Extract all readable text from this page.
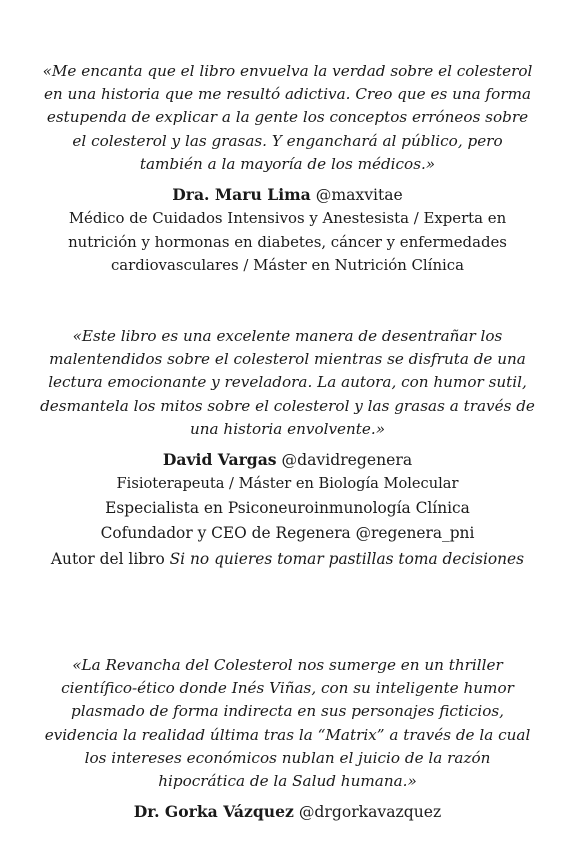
«Me encanta que el libro envuelva la verdad sobre el colesterol en una historia que me resultó adictiva. Creo que es una forma estupenda de explicar a la gente los conceptos erróneos sobre el colesterol y las grasas. Y enganchará al público, pero también a la mayoría de los médicos.»

Dra. Maru Lima @maxvitae

Médico de Cuidados Intensivos y Anestesista / Experta en nutrición y hormonas en diabetes, cáncer y enfermedades cardiovasculares / Máster en Nutrición Clínica

«Este libro es una excelente manera de desentrañar los malentendidos sobre el colesterol mientras se disfruta de una lectura emocionante y reveladora. La autora, con humor sutil, desmantela los mitos sobre el colesterol y las grasas a través de una historia envolvente.»

David Vargas @davidregenera

Fisioterapeuta / Máster en Biología Molecular

Especialista en Psiconeuroinmunología Clínica

Cofundador y CEO de Regenera @regenera_pni

Autor del libro Si no quieres tomar pastillas toma decisiones

«La Revancha del Colesterol nos sumerge en un thriller científico-ético donde Inés Viñas, con su inteligente humor plasmado de forma indirecta en sus personajes ficticios, evidencia la realidad última tras la “Matrix” a través de la cual los intereses económicos nublan el juicio de la razón hipocrática de la Salud humana.»

Dr. Gorka Vázquez @drgorkavazquez
